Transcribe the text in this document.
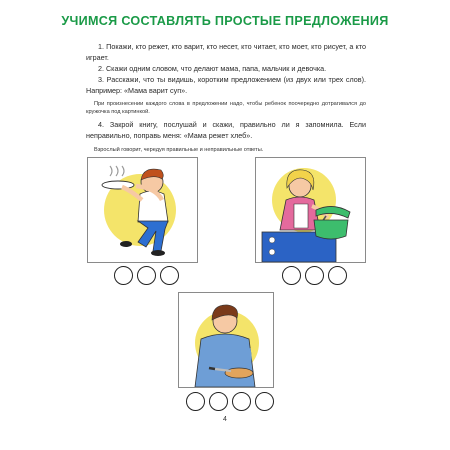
УЧИМСЯ СОСТАВЛЯТЬ ПРОСТЫЕ ПРЕДЛОЖЕНИЯ

1. Покажи, кто режет, кто варит, кто несет, кто читает, кто моет, кто рисует, а кто играет.

2. Скажи одним словом, что делают мама, папа, мальчик и девочка.

3. Расскажи, что ты видишь, коротким предложением (из двух или трех слов). Например: «Мама варит суп».

При произнесении каждого слова в предложении надо, чтобы ребенок поочередно дотрагивался до кружочка под картинкой.

4. Закрой книгу, послушай и скажи, правильно ли я запомнила. Если неправильно, поправь меня: «Мама режет хлеб».

Взрослый говорит, чередуя правильные и неправильные ответы.

4
